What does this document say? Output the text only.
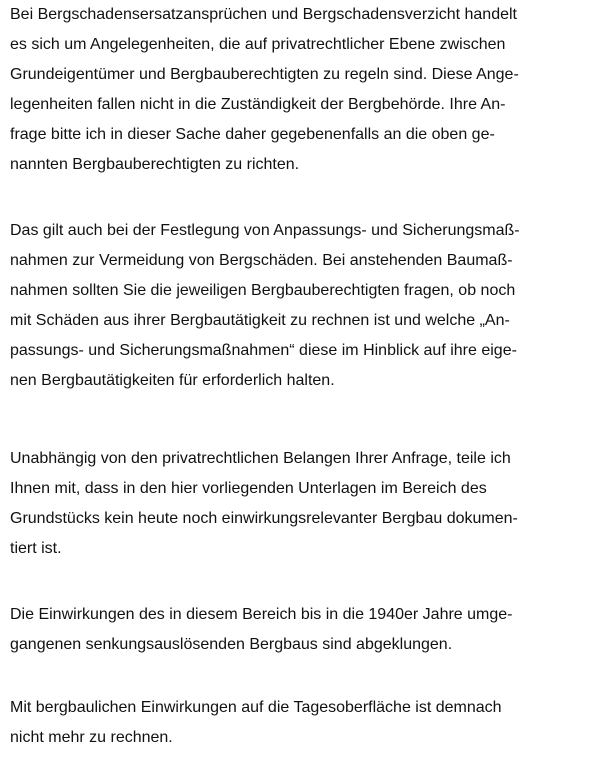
Bei Bergschadensersatzansprüchen und Bergschadensverzicht handelt
es sich um Angelegenheiten, die auf privatrechtlicher Ebene zwischen
Grundeigentümer und Bergbauberechtigten zu regeln sind. Diese Ange-
legenheiten fallen nicht in die Zuständigkeit der Bergbehörde. Ihre An-
frage bitte ich in dieser Sache daher gegebenenfalls an die oben ge-
nannten Bergbauberechtigten zu richten.

Das gilt auch bei der Festlegung von Anpassungs- und Sicherungsmaß-
nahmen zur Vermeidung von Bergschäden. Bei anstehenden Baumaß-
nahmen sollten Sie die jeweiligen Bergbauberechtigten fragen, ob noch
mit Schäden aus ihrer Bergbautätigkeit zu rechnen ist und welche „An-
passungs- und Sicherungsmaßnahmen“ diese im Hinblick auf ihre eige-
nen Bergbautätigkeiten für erforderlich halten.

Unabhängig von den privatrechtlichen Belangen Ihrer Anfrage, teile ich
Ihnen mit, dass in den hier vorliegenden Unterlagen im Bereich des
Grundstücks kein heute noch einwirkungsrelevanter Bergbau dokumen-
tiert ist.

Die Einwirkungen des in diesem Bereich bis in die 1940er Jahre umge-
gangenen senkungsauslösenden Bergbaus sind abgeklungen.

Mit bergbaulichen Einwirkungen auf die Tagesoberfläche ist demnach
nicht mehr zu rechnen.
